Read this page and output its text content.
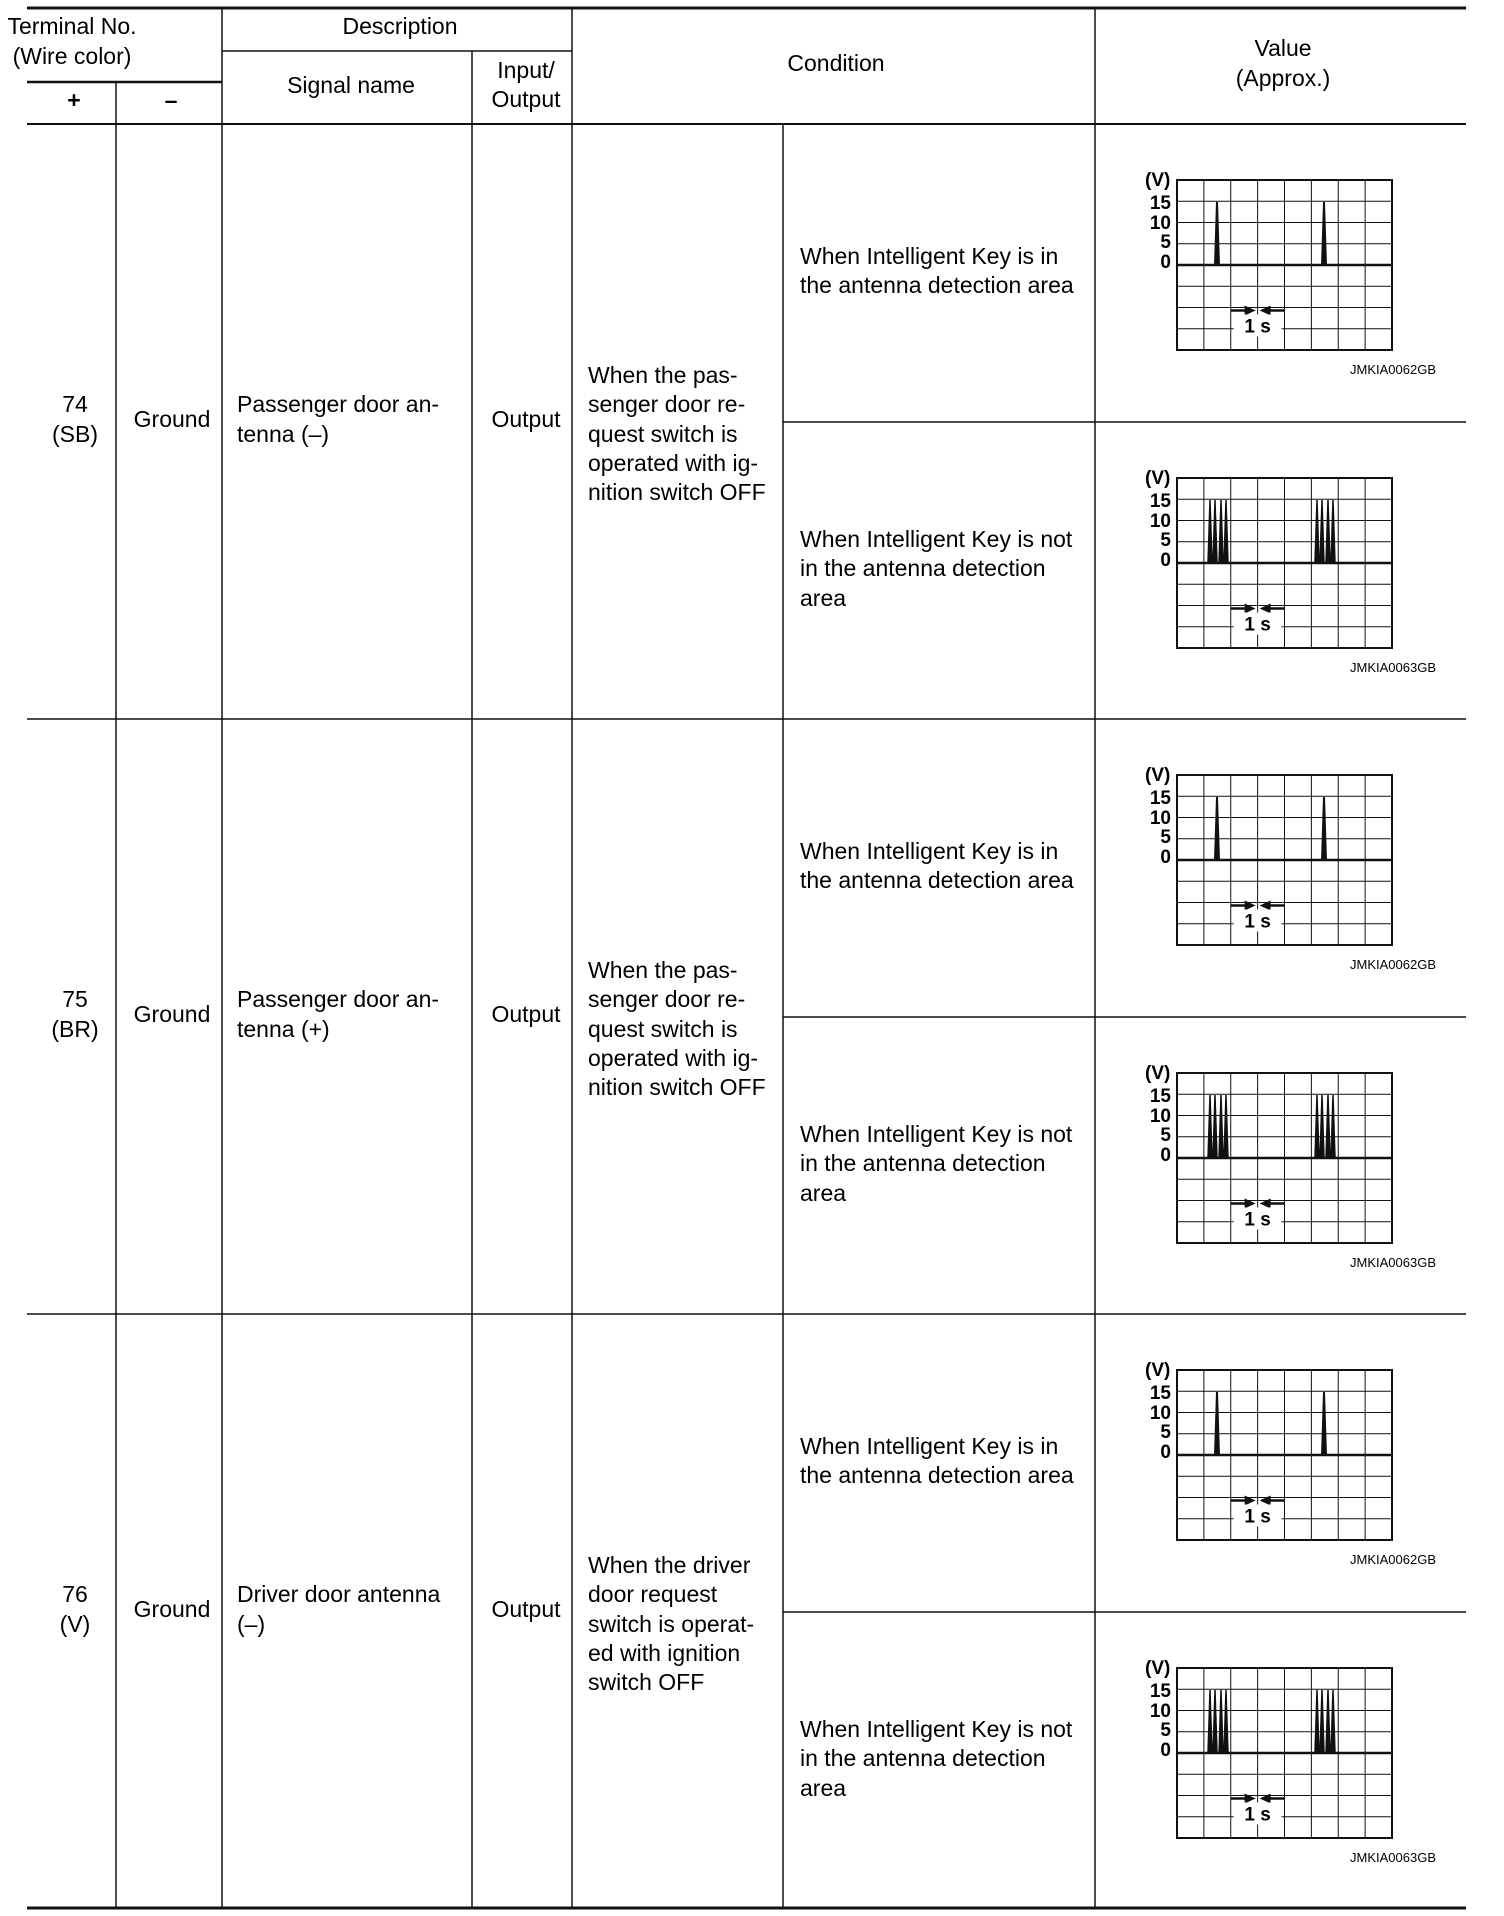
Terminal No.
(Wire color)
+	–
Description
Signal name
Input/
Output
Condition
Value
(Approx.)
74
(SB)
Ground
Passenger door an-
tenna (–)
Output
When the pas-
senger door re-
quest switch is
operated with ig-
nition switch OFF
When Intelligent Key is in
the antenna detection area
When Intelligent Key is not
in the antenna detection
area
75
(BR)
Ground
Passenger door an-
tenna (+)
Output
When the pas-
senger door re-
quest switch is
operated with ig-
nition switch OFF
When Intelligent Key is in
the antenna detection area
When Intelligent Key is not
in the antenna detection
area
76
(V)
Ground
Driver door antenna
(–)
Output
When the driver
door request
switch is operat-
ed with ignition
switch OFF
When Intelligent Key is in
the antenna detection area
When Intelligent Key is not
in the antenna detection
area
(V)
15
10
5
0
1 s
JMKIA0062GB
(V)
15
10
5
0
1 s
JMKIA0063GB
(V)
15
10
5
0
1 s
JMKIA0062GB
(V)
15
10
5
0
1 s
JMKIA0063GB
(V)
15
10
5
0
1 s
JMKIA0062GB
(V)
15
10
5
0
1 s
JMKIA0063GB
